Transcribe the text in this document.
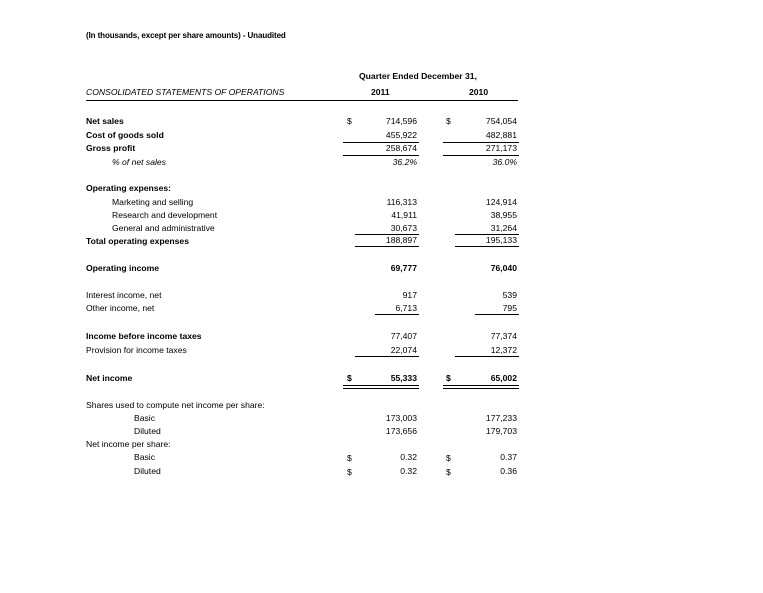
(In thousands, except per share amounts) - Unaudited
Quarter Ended December 31,
CONSOLIDATED STATEMENTS OF OPERATIONS	2011	2010
Net sales	$	714,596	$	754,054
Cost of goods sold	455,922	482,881
Gross profit	258,674	271,173
% of net sales	36.2%	36.0%
Operating expenses:
Marketing and selling	116,313	124,914
Research and development	41,911	38,955
General and administrative	30,673	31,264
Total operating expenses	188,897	195,133
Operating income	69,777	76,040
Interest income, net	917	539
Other income, net	6,713	795
Income before income taxes	77,407	77,374
Provision for income taxes	22,074	12,372
Net income	$	55,333	$	65,002
Shares used to compute net income per share:
Basic	173,003	177,233
Diluted	173,656	179,703
Net income per share:
Basic	$	0.32	$	0.37
Diluted	$	0.32	$	0.36
